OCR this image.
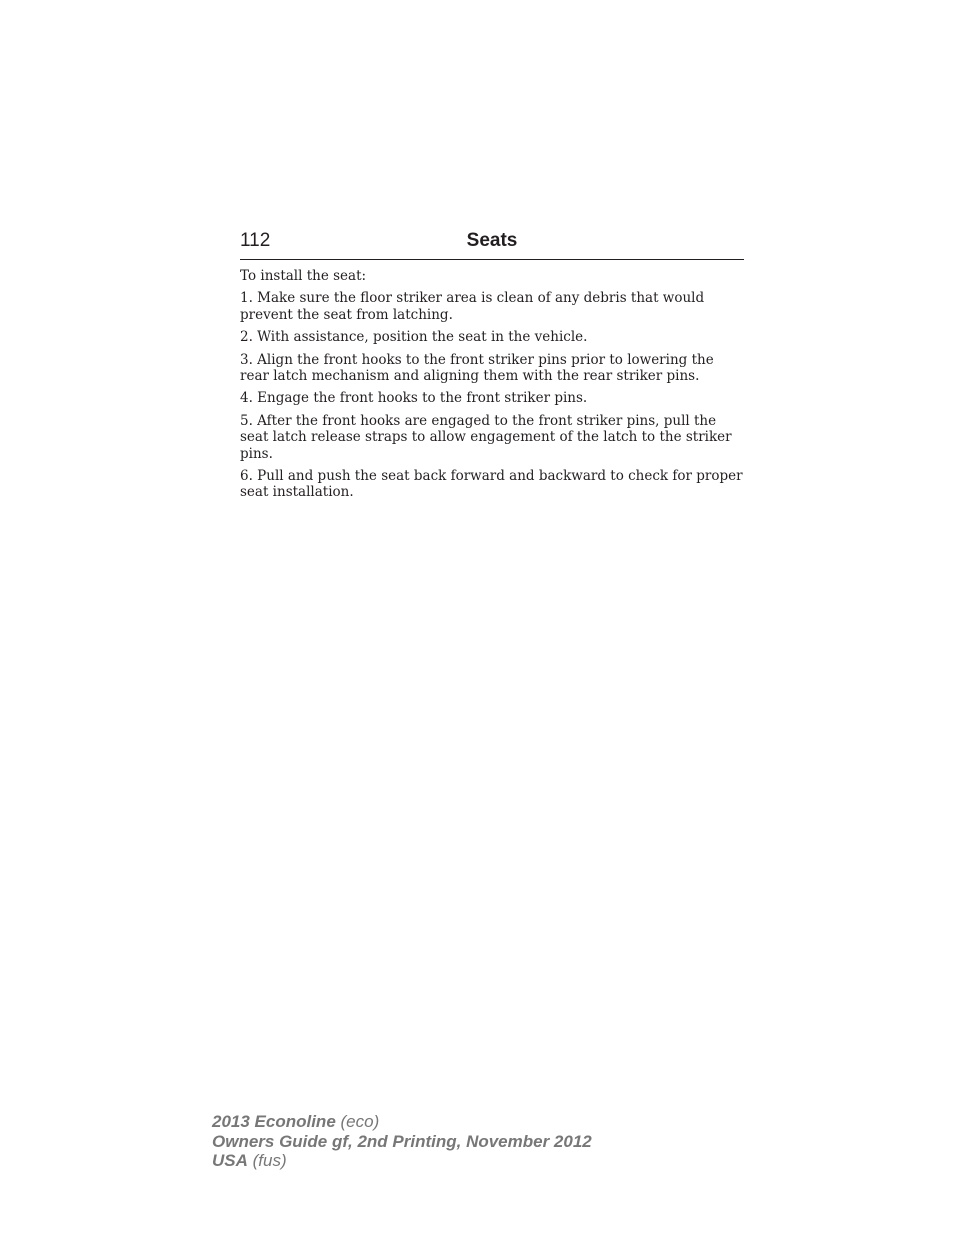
112	Seats

To install the seat:

1. Make sure the floor striker area is clean of any debris that would prevent the seat from latching.

2. With assistance, position the seat in the vehicle.

3. Align the front hooks to the front striker pins prior to lowering the rear latch mechanism and aligning them with the rear striker pins.

4. Engage the front hooks to the front striker pins.

5. After the front hooks are engaged to the front striker pins, pull the seat latch release straps to allow engagement of the latch to the striker pins.

6. Pull and push the seat back forward and backward to check for proper seat installation.

2013 Econoline (eco)
Owners Guide gf, 2nd Printing, November 2012
USA (fus)
